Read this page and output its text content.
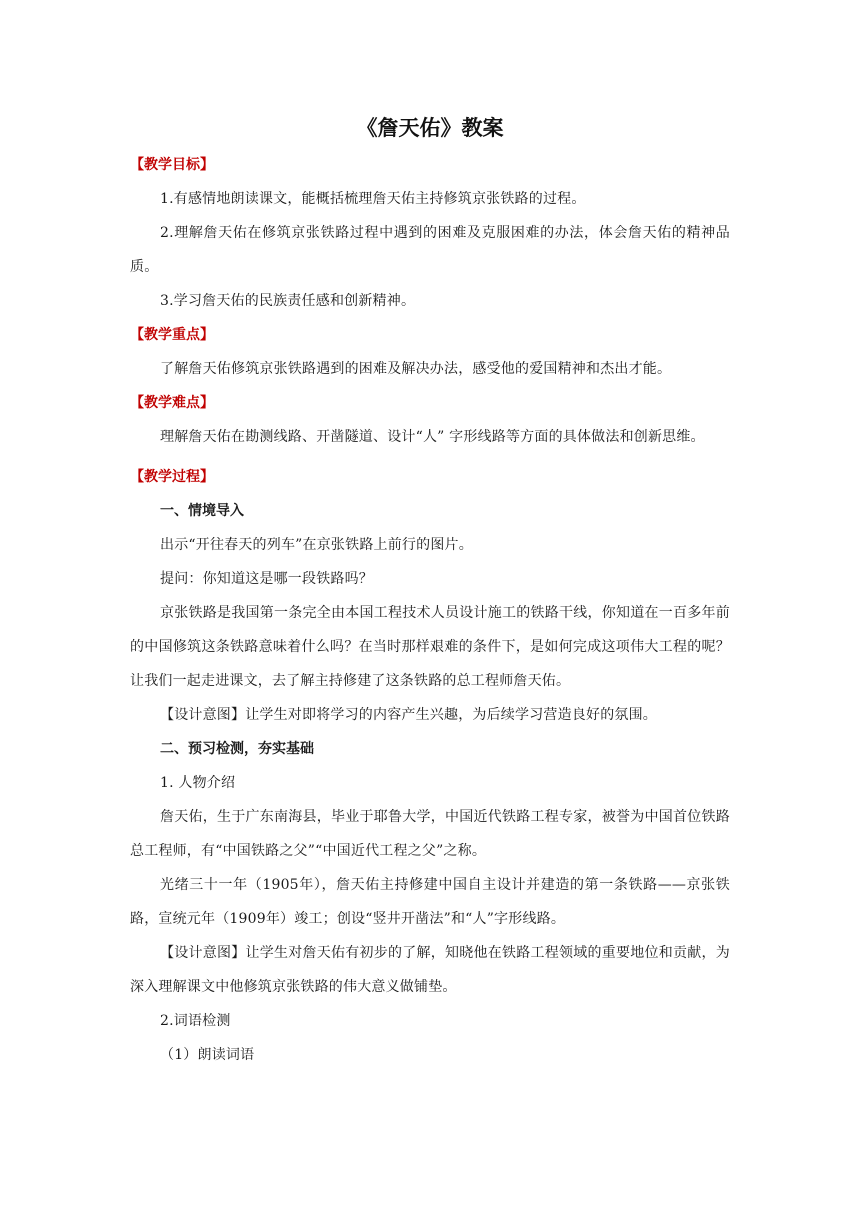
《詹天佑》教案

【教学目标】

1.有感情地朗读课文，能概括梳理詹天佑主持修筑京张铁路的过程。

2.理解詹天佑在修筑京张铁路过程中遇到的困难及克服困难的办法，体会詹天佑的精神品质。

3.学习詹天佑的民族责任感和创新精神。

【教学重点】

了解詹天佑修筑京张铁路遇到的困难及解决办法，感受他的爱国精神和杰出才能。

【教学难点】

理解詹天佑在勘测线路、开凿隧道、设计“人” 字形线路等方面的具体做法和创新思维。

【教学过程】

一、情境导入

出示“开往春天的列车”在京张铁路上前行的图片。

提问：你知道这是哪一段铁路吗？

京张铁路是我国第一条完全由本国工程技术人员设计施工的铁路干线，你知道在一百多年前的中国修筑这条铁路意味着什么吗？在当时那样艰难的条件下，是如何完成这项伟大工程的呢？让我们一起走进课文，去了解主持修建了这条铁路的总工程师詹天佑。

【设计意图】让学生对即将学习的内容产生兴趣，为后续学习营造良好的氛围。

二、预习检测，夯实基础

1. 人物介绍

詹天佑，生于广东南海县，毕业于耶鲁大学，中国近代铁路工程专家，被誉为中国首位铁路总工程师，有“中国铁路之父”“中国近代工程之父”之称。

光绪三十一年（1905年），詹天佑主持修建中国自主设计并建造的第一条铁路——京张铁路，宣统元年（1909年）竣工；创设“竖井开凿法”和“人”字形线路。

【设计意图】让学生对詹天佑有初步的了解，知晓他在铁路工程领域的重要地位和贡献，为深入理解课文中他修筑京张铁路的伟大意义做铺垫。

2.词语检测

（1）朗读词语
